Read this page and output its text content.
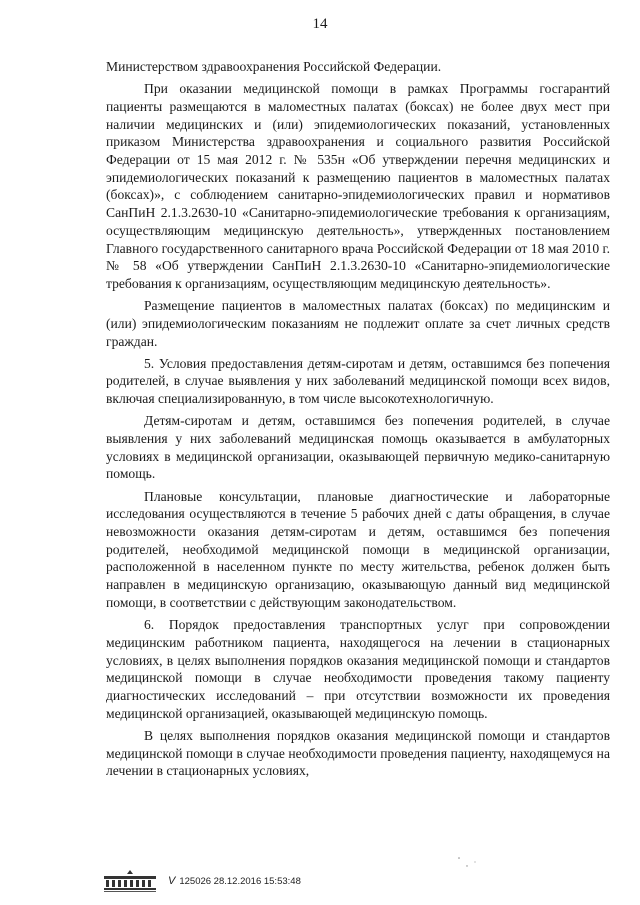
14

Министерством здравоохранения Российской Федерации.

При оказании медицинской помощи в рамках Программы госгарантий пациенты размещаются в маломестных палатах (боксах) не более двух мест при наличии медицинских и (или) эпидемиологических показаний, установленных приказом Министерства здравоохранения и социального развития Российской Федерации от 15 мая 2012 г. № 535н «Об утверждении перечня медицинских и эпидемиологических показаний к размещению пациентов в маломестных палатах (боксах)», с соблюдением санитарно-эпидемиологических правил и нормативов СанПиН 2.1.3.2630-10 «Санитарно-эпидемиологические требования к организациям, осуществляющим медицинскую деятельность», утвержденных постановлением Главного государственного санитарного врача Российской Федерации от 18 мая 2010 г. № 58 «Об утверждении СанПиН 2.1.3.2630-10 «Санитарно-эпидемиологические требования к организациям, осуществляющим медицинскую деятельность».

Размещение пациентов в маломестных палатах (боксах) по медицинским и (или) эпидемиологическим показаниям не подлежит оплате за счет личных средств граждан.

5. Условия предоставления детям-сиротам и детям, оставшимся без попечения родителей, в случае выявления у них заболеваний медицинской помощи всех видов, включая специализированную, в том числе высокотехнологичную.

Детям-сиротам и детям, оставшимся без попечения родителей, в случае выявления у них заболеваний медицинская помощь оказывается в амбулаторных условиях в медицинской организации, оказывающей первичную медико-санитарную помощь.

Плановые консультации, плановые диагностические и лабораторные исследования осуществляются в течение 5 рабочих дней с даты обращения, в случае невозможности оказания детям-сиротам и детям, оставшимся без попечения родителей, необходимой медицинской помощи в медицинской организации, расположенной в населенном пункте по месту жительства, ребенок должен быть направлен в медицинскую организацию, оказывающую данный вид медицинской помощи, в соответствии с действующим законодательством.

6. Порядок предоставления транспортных услуг при сопровождении медицинским работником пациента, находящегося на лечении в стационарных условиях, в целях выполнения порядков оказания медицинской помощи и стандартов медицинской помощи в случае необходимости проведения такому пациенту диагностических исследований – при отсутствии возможности их проведения медицинской организацией, оказывающей медицинскую помощь.

В целях выполнения порядков оказания медицинской помощи и стандартов медицинской помощи в случае необходимости проведения пациенту, находящемуся на лечении в стационарных условиях,

V 125026 28.12.2016 15:53:48
